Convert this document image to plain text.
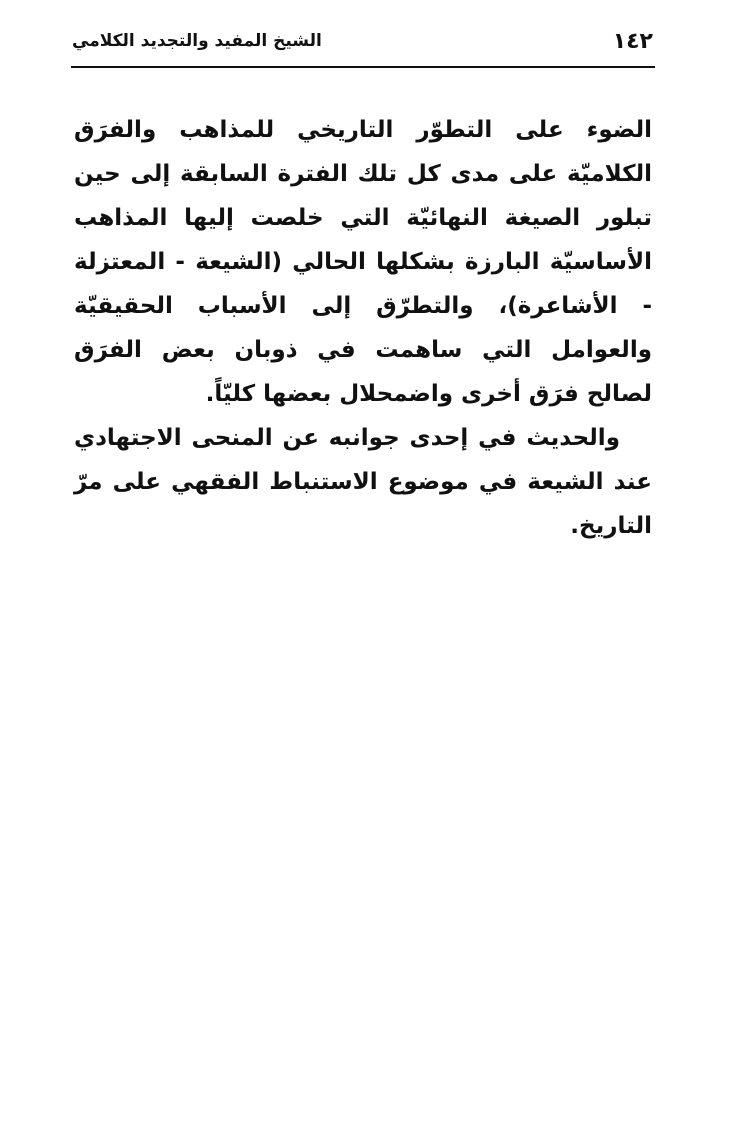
١٤٢
الشيخ المفيد والتجديد الكلامي

الضوء على التطوّر التاريخي للمذاهب والفرَق الكلاميّة على مدى كل تلك الفترة السابقة إلى حين تبلور الصيغة النهائيّة التي خلصت إليها المذاهب الأساسيّة البارزة بشكلها الحالي (الشيعة - المعتزلة - الأشاعرة)، والتطرّق إلى الأسباب الحقيقيّة والعوامل التي ساهمت في ذوبان بعض الفرَق لصالح فرَق أخرى واضمحلال بعضها كليّاً.

والحديث في إحدى جوانبه عن المنحى الاجتهادي عند الشيعة في موضوع الاستنباط الفقهي على مرّ التاريخ.
